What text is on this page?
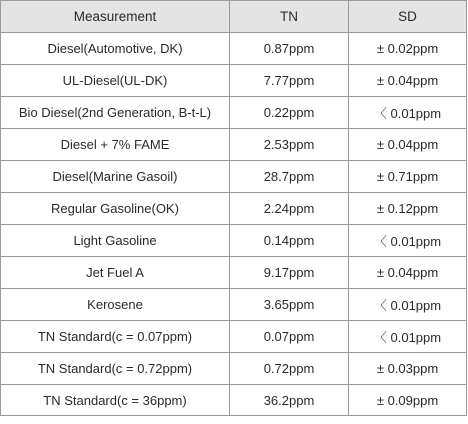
Measurement	TN	SD
Diesel(Automotive, DK)	0.87ppm	± 0.02ppm
UL-Diesel(UL-DK)	7.77ppm	± 0.04ppm
Bio Diesel(2nd Generation, B-t-L)	0.22ppm	〈 0.01ppm
Diesel + 7% FAME	2.53ppm	± 0.04ppm
Diesel(Marine Gasoil)	28.7ppm	± 0.71ppm
Regular Gasoline(OK)	2.24ppm	± 0.12ppm
Light Gasoline	0.14ppm	〈 0.01ppm
Jet Fuel A	9.17ppm	± 0.04ppm
Kerosene	3.65ppm	〈 0.01ppm
TN Standard(c = 0.07ppm)	0.07ppm	〈 0.01ppm
TN Standard(c = 0.72ppm)	0.72ppm	± 0.03ppm
TN Standard(c = 36ppm)	36.2ppm	± 0.09ppm
